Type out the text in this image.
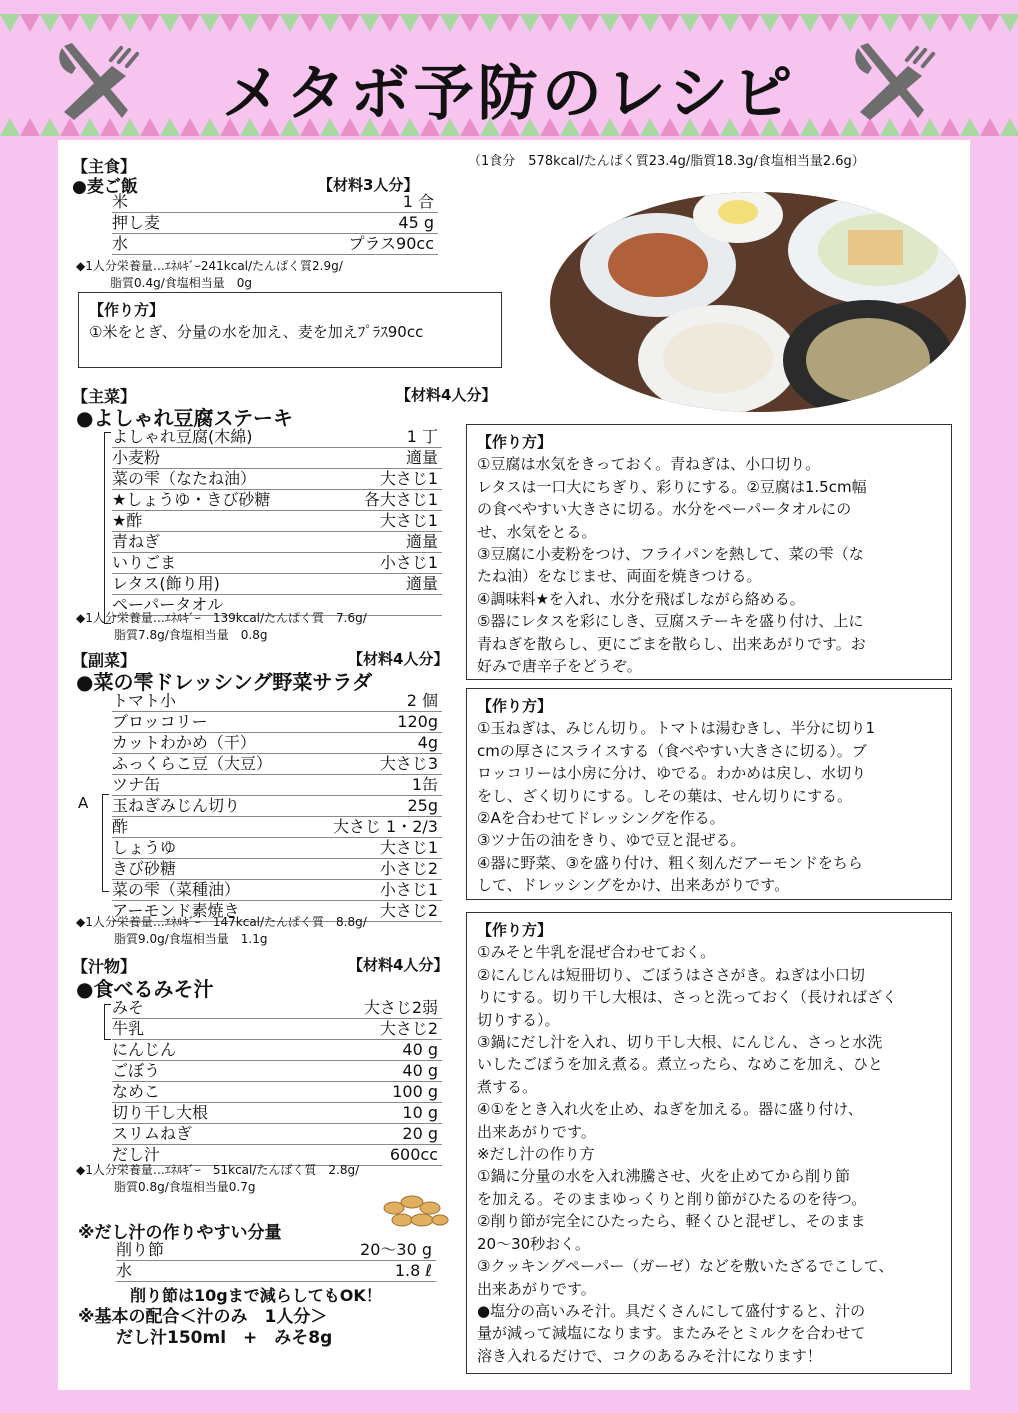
メタボ予防のレシピ
（1食分　578kcal/たんぱく質23.4g/脂質18.3g/食塩相当量2.6g）
【主食】
●麦ご飯	【材料3人分】
米	1 合
押し麦	45 g
水	プラス90cc
◆1人分栄養量…ｴﾈﾙｷﾞｰ241kcal/たんぱく質2.9g/
脂質0.4g/食塩相当量　0g
【作り方】
①米をとぎ、分量の水を加え、麦を加えﾌﾟﾗｽ90cc
【主菜】	【材料4人分】
●よしゃれ豆腐ステーキ
よしゃれ豆腐(木綿)	1 丁
小麦粉	適量
菜の雫（なたね油）	大さじ1
★しょうゆ・きび砂糖	各大さじ1
★酢	大さじ1
青ねぎ	適量
いりごま	小さじ1
レタス(飾り用)	適量
ペーパータオル
◆1人分栄養量…ｴﾈﾙｷﾞｰ　139kcal/たんぱく質　7.6g/
脂質7.8g/食塩相当量　0.8g
【作り方】
①豆腐は水気をきっておく。青ねぎは、小口切り。
レタスは一口大にちぎり、彩りにする。②豆腐は1.5cm幅
の食べやすい大きさに切る。水分をペーパータオルにの
せ、水気をとる。
③豆腐に小麦粉をつけ、フライパンを熱して、菜の雫（な
たね油）をなじませ、両面を焼きつける。
④調味料★を入れ、水分を飛ばしながら絡める。
⑤器にレタスを彩にしき、豆腐ステーキを盛り付け、上に
青ねぎを散らし、更にごまを散らし、出来あがりです。お
好みで唐辛子をどうぞ。
【副菜】	【材料4人分】
●菜の雫ドレッシング野菜サラダ
トマト小	2 個
ブロッコリー	120g
カットわかめ（干）	4g
ふっくらこ豆（大豆）	大さじ3
ツナ缶	1缶
玉ねぎみじん切り	25g
酢	大さじ 1・2/3
しょうゆ	大さじ1
きび砂糖	小さじ2
菜の雫（菜種油）	小さじ1
アーモンド素焼き	大さじ2
A
◆1人分栄養量…ｴﾈﾙｷﾞｰ　147kcal/たんぱく質　8.8g/
脂質9.0g/食塩相当量　1.1g
【作り方】
①玉ねぎは、みじん切り。トマトは湯むきし、半分に切り1
cmの厚さにスライスする（食べやすい大きさに切る）。ブ
ロッコリーは小房に分け、ゆでる。わかめは戻し、水切り
をし、ざく切りにする。しその葉は、せん切りにする。
②Aを合わせてドレッシングを作る。
③ツナ缶の油をきり、ゆで豆と混ぜる。
④器に野菜、③を盛り付け、粗く刻んだアーモンドをちら
して、ドレッシングをかけ、出来あがりです。
【汁物】	【材料4人分】
●食べるみそ汁
みそ	大さじ2弱
牛乳	大さじ2
にんじん	40 g
ごぼう	40 g
なめこ	100 g
切り干し大根	10 g
スリムねぎ	20 g
だし汁	600cc
◆1人分栄養量…ｴﾈﾙｷﾞｰ　51kcal/たんぱく質　2.8g/
脂質0.8g/食塩相当量0.7g
※だし汁の作りやすい分量
削り節	20～30 g
水	1.8 ℓ
削り節は10gまで減らしてもOK！
※基本の配合＜汁のみ　1人分＞
だし汁150ml　+　みそ8g
【作り方】
①みそと牛乳を混ぜ合わせておく。
②にんじんは短冊切り、ごぼうはささがき。ねぎは小口切
りにする。切り干し大根は、さっと洗っておく（長ければざく
切りする）。
③鍋にだし汁を入れ、切り干し大根、にんじん、さっと水洗
いしたごぼうを加え煮る。煮立ったら、なめこを加え、ひと
煮する。
④①をとき入れ火を止め、ねぎを加える。器に盛り付け、
出来あがりです。
※だし汁の作り方
①鍋に分量の水を入れ沸騰させ、火を止めてから削り節
を加える。そのままゆっくりと削り節がひたるのを待つ。
②削り節が完全にひたったら、軽くひと混ぜし、そのまま
20～30秒おく。
③クッキングペーパー（ガーゼ）などを敷いたざるでこして、
出来あがりです。
●塩分の高いみそ汁。具だくさんにして盛付すると、汁の
量が減って減塩になります。またみそとミルクを合わせて
溶き入れるだけで、コクのあるみそ汁になります！
